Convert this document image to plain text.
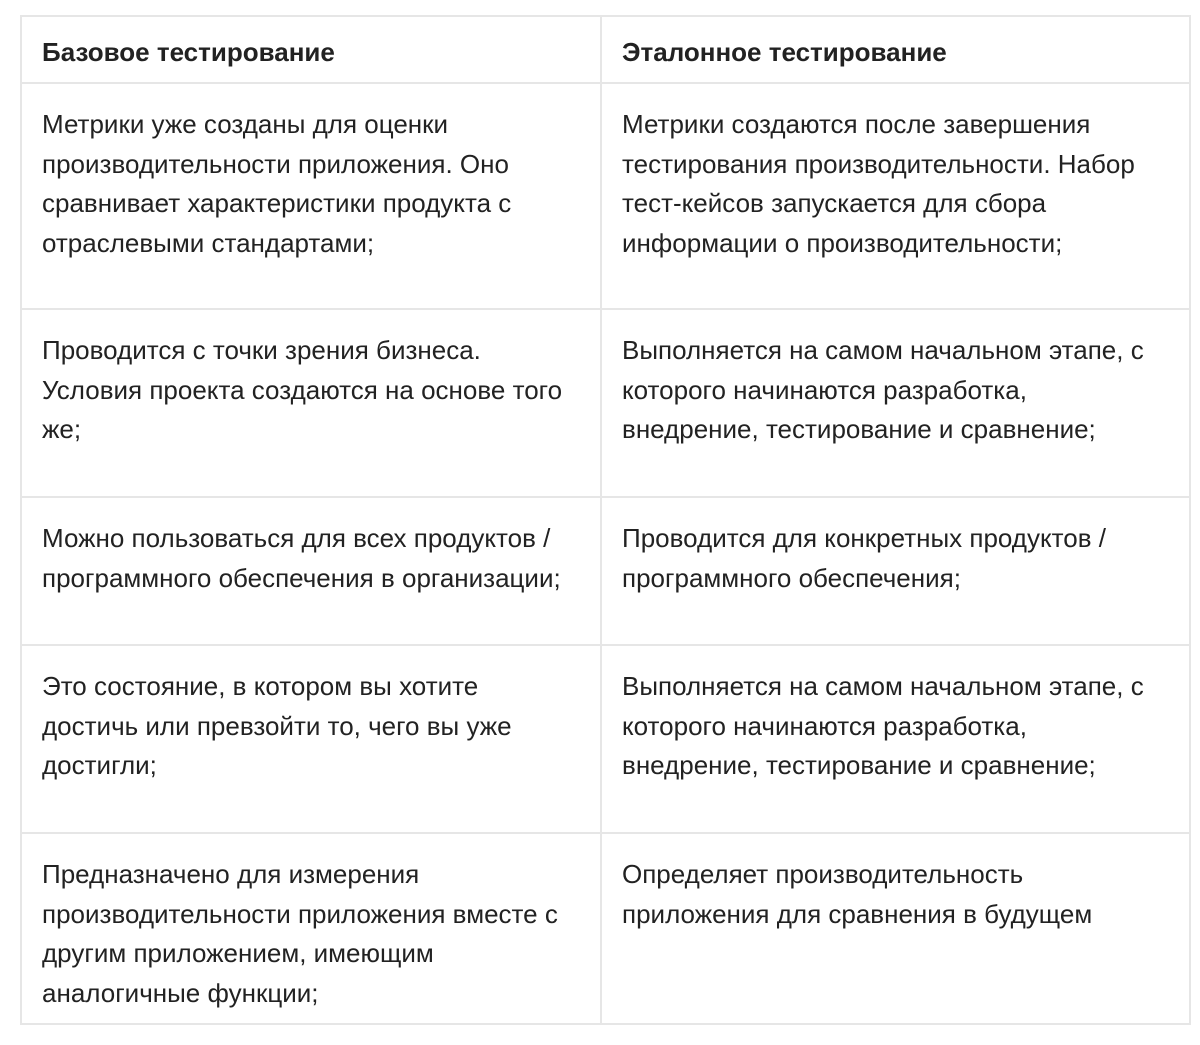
Базовое тестирование	Эталонное тестирование
Метрики уже созданы для оценки производительности приложения. Оно сравнивает характеристики продукта с отраслевыми стандартами;	Метрики создаются после завершения тестирования производительности. Набор тест-кейсов запускается для сбора информации о производительности;
Проводится с точки зрения бизнеса. Условия проекта создаются на основе того же;	Выполняется на самом начальном этапе, с которого начинаются разработка, внедрение, тестирование и сравнение;
Можно пользоваться для всех продуктов / программного обеспечения в организации;	Проводится для конкретных продуктов / программного обеспечения;
Это состояние, в котором вы хотите достичь или превзойти то, чего вы уже достигли;	Выполняется на самом начальном этапе, с которого начинаются разработка, внедрение, тестирование и сравнение;
Предназначено для измерения производительности приложения вместе с другим приложением, имеющим аналогичные функции;	Определяет производительность приложения для сравнения в будущем
